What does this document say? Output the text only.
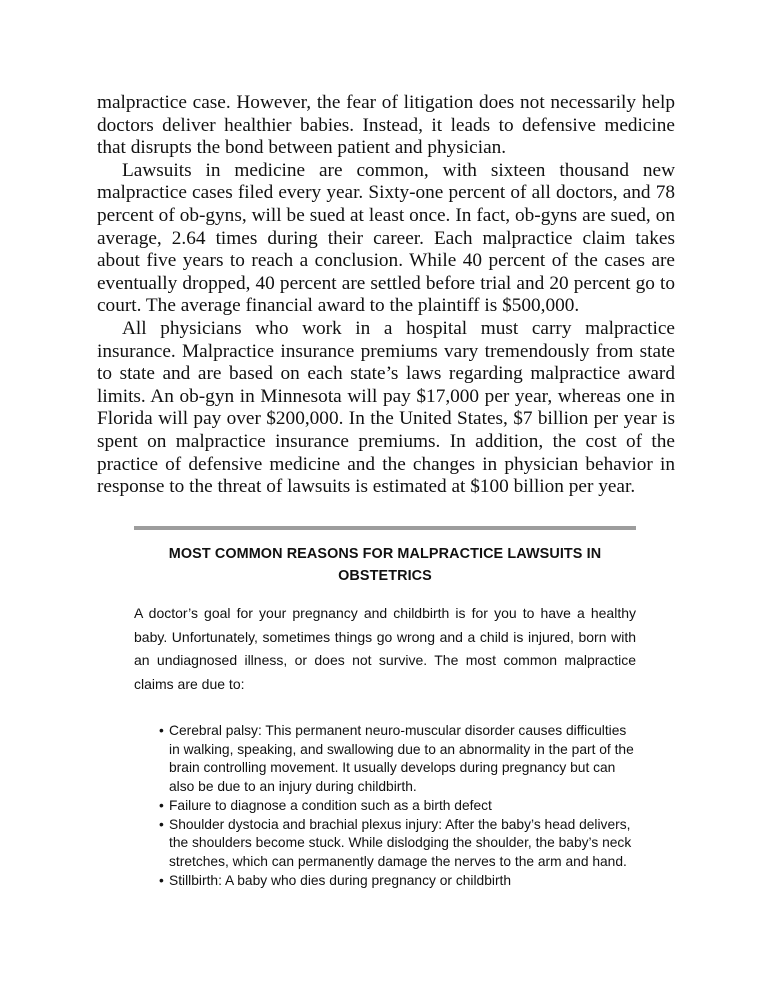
malpractice case. However, the fear of litigation does not necessarily help doctors deliver healthier babies. Instead, it leads to defensive medicine that disrupts the bond between patient and physician.

Lawsuits in medicine are common, with sixteen thousand new malpractice cases filed every year. Sixty-one percent of all doctors, and 78 percent of ob-gyns, will be sued at least once. In fact, ob-gyns are sued, on average, 2.64 times during their career. Each malpractice claim takes about five years to reach a conclusion. While 40 percent of the cases are eventually dropped, 40 percent are settled before trial and 20 percent go to court. The average financial award to the plaintiff is $500,000.

All physicians who work in a hospital must carry malpractice insurance. Malpractice insurance premiums vary tremendously from state to state and are based on each state’s laws regarding malpractice award limits. An ob-gyn in Minnesota will pay $17,000 per year, whereas one in Florida will pay over $200,000. In the United States, $7 billion per year is spent on malpractice insurance premiums. In addition, the cost of the practice of defensive medicine and the changes in physician behavior in response to the threat of lawsuits is estimated at $100 billion per year.

MOST COMMON REASONS FOR MALPRACTICE LAWSUITS IN OBSTETRICS

A doctor’s goal for your pregnancy and childbirth is for you to have a healthy baby. Unfortunately, sometimes things go wrong and a child is injured, born with an undiagnosed illness, or does not survive. The most common malpractice claims are due to:

• Cerebral palsy: This permanent neuro-muscular disorder causes difficulties in walking, speaking, and swallowing due to an abnormality in the part of the brain controlling movement. It usually develops during pregnancy but can also be due to an injury during childbirth.
• Failure to diagnose a condition such as a birth defect
• Shoulder dystocia and brachial plexus injury: After the baby’s head delivers, the shoulders become stuck. While dislodging the shoulder, the baby’s neck stretches, which can permanently damage the nerves to the arm and hand.
• Stillbirth: A baby who dies during pregnancy or childbirth
